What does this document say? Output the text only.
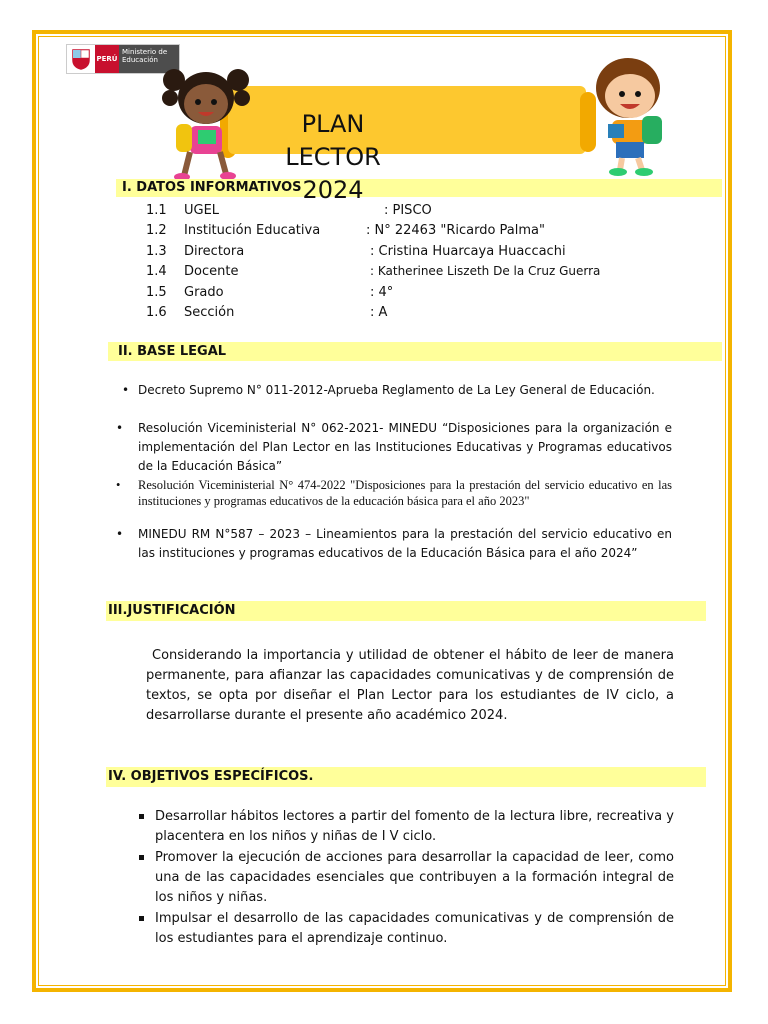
PERÚ
Ministerio de Educación
I. DATOS INFORMATIVOS
PLAN
LECTOR
2024
1.1 UGEL	: PISCO
1.2 Institución Educativa	: N° 22463 "Ricardo Palma"
1.3 Directora	: Cristina Huarcaya Huaccachi
1.4 Docente	: Katherinee Liszeth De la Cruz Guerra
1.5 Grado	: 4°
1.6 Sección	: A
II. BASE LEGAL
• Decreto Supremo N° 011-2012-Aprueba Reglamento de La Ley General de Educación.
• Resolución Viceministerial N° 062-2021- MINEDU “Disposiciones para la organización e implementación del Plan Lector en las Instituciones Educativas y Programas educativos de la Educación Básica”
• Resolución Viceministerial N° 474-2022 "Disposiciones para la prestación del servicio educativo en las instituciones y programas educativos de la educación básica para el año 2023"
• MINEDU RM N°587 – 2023 – Lineamientos para la prestación del servicio educativo en las instituciones y programas educativos de la Educación Básica para el año 2024”
III.JUSTIFICACIÓN
Considerando la importancia y utilidad de obtener el hábito de leer de manera permanente, para afianzar las capacidades comunicativas y de comprensión de textos, se opta por diseñar el Plan Lector para los estudiantes de IV ciclo, a desarrollarse durante el presente año académico 2024.
IV. OBJETIVOS ESPECÍFICOS.
Desarrollar hábitos lectores a partir del fomento de la lectura libre, recreativa y placentera en los niños y niñas de I V ciclo.
Promover la ejecución de acciones para desarrollar la capacidad de leer, como una de las capacidades esenciales que contribuyen a la formación integral de los niños y niñas.
Impulsar el desarrollo de las capacidades comunicativas y de comprensión de los estudiantes para el aprendizaje continuo.
